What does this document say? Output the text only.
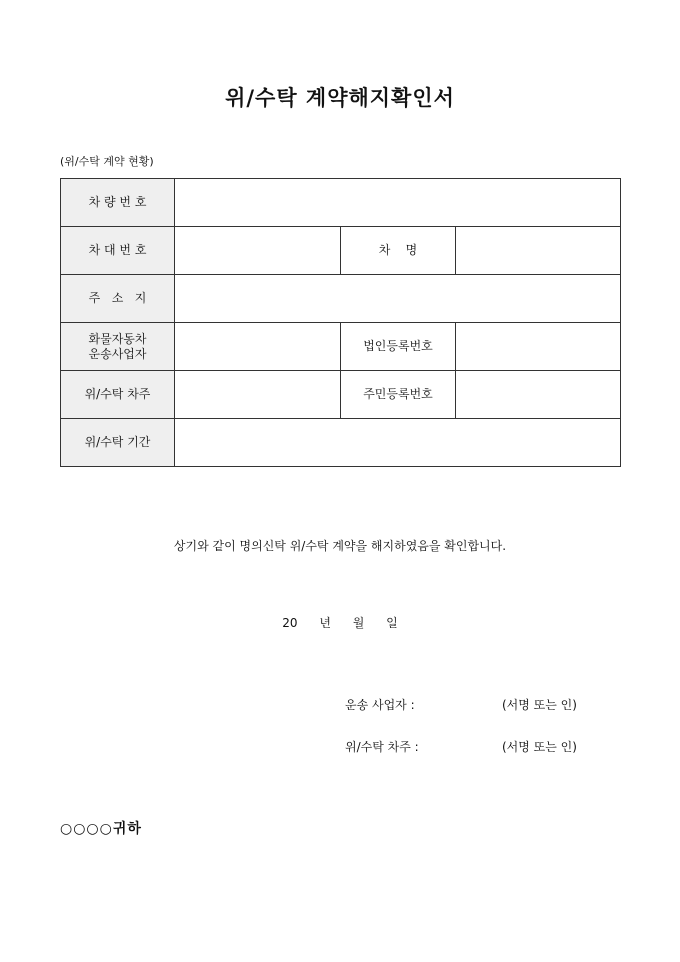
위/수탁 계약해지확인서
(위/수탁 계약 현황)
차 량 번 호			
차 대 번 호		차    명	
주   소   지			

화물자동차
운송사업자		법인등록번호	
위/수탁 차주		주민등록번호	
위/수탁 기간			
상기와 같이 명의신탁 위/수탁 계약을 해지하였음을 확인합니다.
20 년 월 일
운송 사업자 :	(서명 또는 인)
위/수탁 차주 :	(서명 또는 인)
○○○○귀하
